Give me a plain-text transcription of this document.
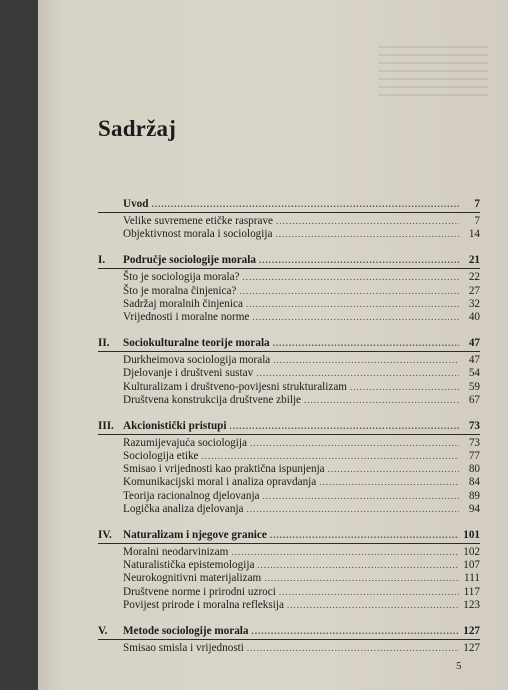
Sadržaj
Uvod .....	7
Velike suvremene etičke rasprave .....	7
Objektivnost morala i sociologija .....	14
I.	Područje sociologije morala .....	21
Što je sociologija morala? .....	22
Što je moralna činjenica? .....	27
Sadržaj moralnih činjenica .....	32
Vrijednosti i moralne norme .....	40
II.	Sociokulturalne teorije morala .....	47
Durkheimova sociologija morala .....	47
Djelovanje i društveni sustav .....	54
Kulturalizam i društveno-povijesni strukturalizam .....	59
Društvena konstrukcija društvene zbilje .....	67
III. Akcionistički pristupi .....	73
Razumijevajuća sociologija .....	73
Sociologija etike .....	77
Smisao i vrijednosti kao praktična ispunjenja .....	80
Komunikacijski moral i analiza opravdanja .....	84
Teorija racionalnog djelovanja .....	89
Logička analiza djelovanja .....	94
IV.	Naturalizam i njegove granice .....	101
Moralni neodarvinizam .....	102
Naturalistička epistemologija .....	107
Neurokognitivni materijalizam .....	111
Društvene norme i prirodni uzroci .....	117
Povijest prirode i moralna refleksija .....	123
V.	Metode sociologije morala .....	127
Smisao smisla i vrijednosti .....	127
5
